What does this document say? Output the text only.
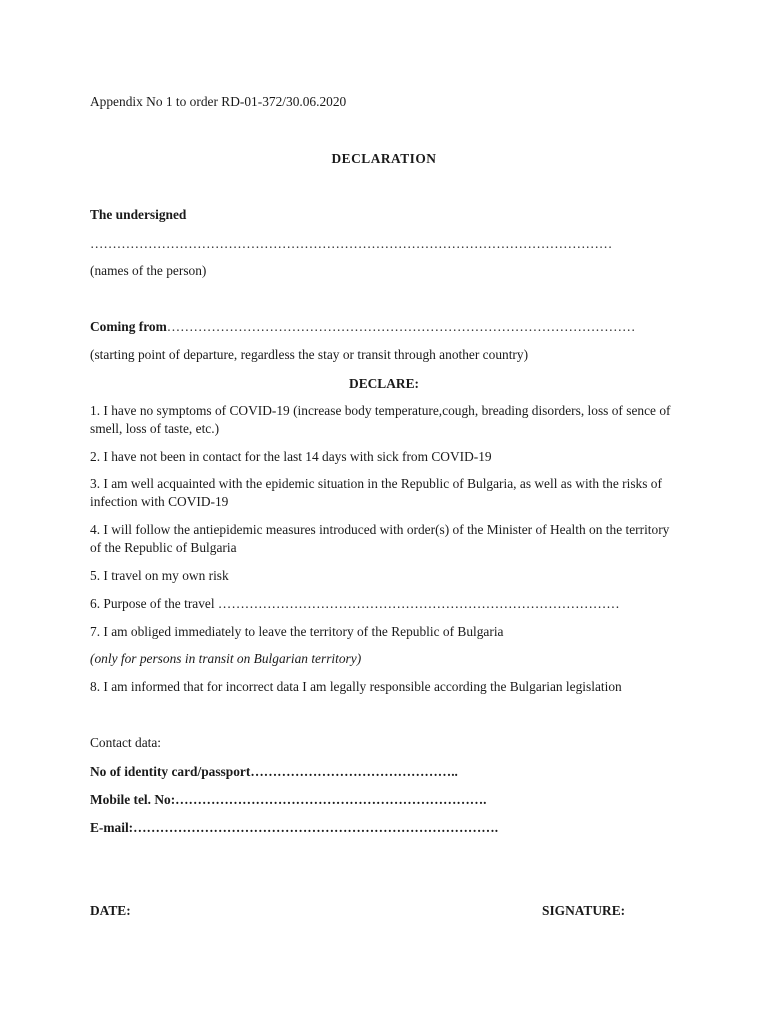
Appendix No 1 to order RD-01-372/30.06.2020
DECLARATION
The undersigned
………………………………………………………………………………………………………
(names of the person)
Coming from……………………………………………………………………………………………
(starting point of departure, regardless the stay or transit through another country)
DECLARE:
1. I have no symptoms of COVID-19 (increase body temperature,cough, breading disorders, loss of sence of smell, loss of taste, etc.)
2. I have not been in contact for the last 14 days with sick from COVID-19
3. I am well acquainted with the epidemic situation in the Republic of Bulgaria, as well as with the risks of infection with COVID-19
4. I will follow the antiepidemic measures introduced with order(s) of the Minister of Health on the territory of the Republic of Bulgaria
5. I travel on my own risk
6. Purpose of the travel ………………………………………………………………………………
7. I am obliged immediately to leave the territory of the Republic of Bulgaria
(only for persons in transit on Bulgarian territory)
8. I am informed that for incorrect data I am legally responsible according the Bulgarian legislation
Contact data:
No of identity card/passport………………………………………..
Mobile tel. No:…………………………………………………………….
E-mail:……………………………………………………………………….
DATE:	SIGNATURE:
